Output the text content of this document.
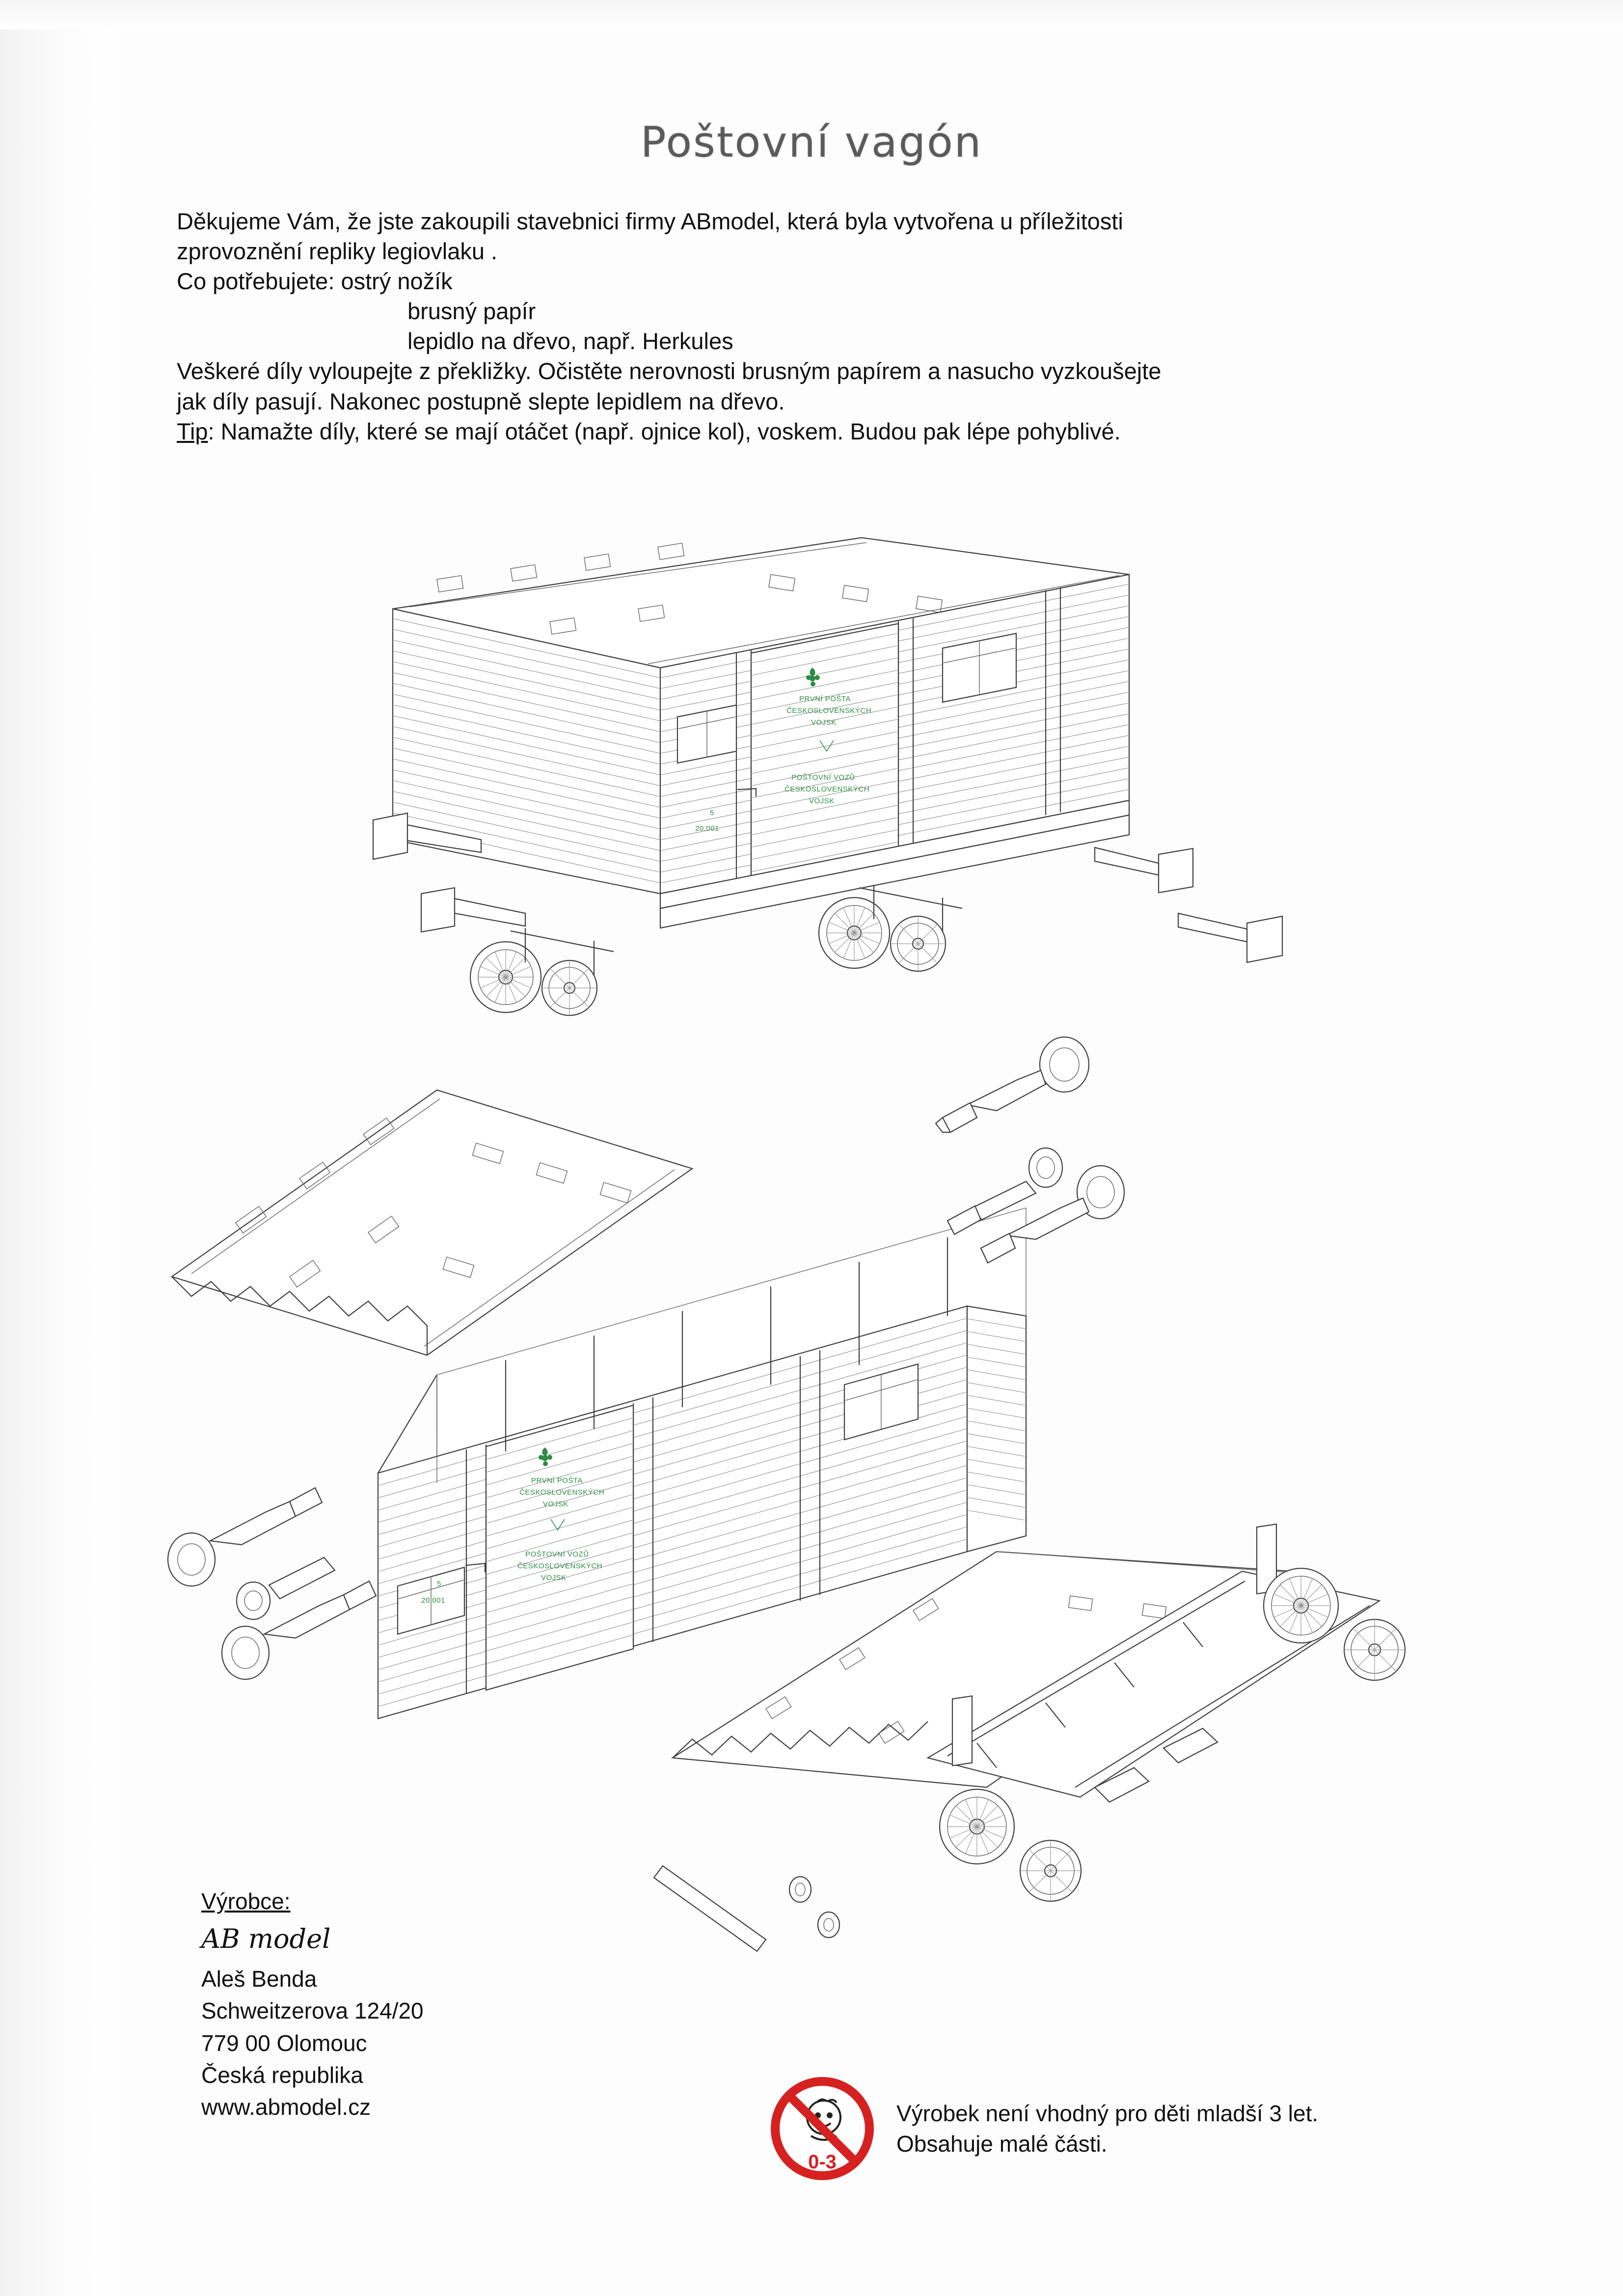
Poštovní vagón

Děkujeme Vám, že jste zakoupili stavebnici firmy ABmodel, která byla vytvořena u příležitosti

zprovoznění repliky legiovlaku .

Co potřebujete: ostrý nožík

brusný papír

lepidlo na dřevo, např. Herkules

Veškeré díly vyloupejte z překližky. Očistěte nerovnosti brusným papírem a nasucho vyzkoušejte

jak díly pasují. Nakonec postupně slepte lepidlem na dřevo.

Tip: Namažte díly, které se mají otáčet (např. ojnice kol), voskem. Budou pak lépe pohyblivé.

PRVNÍ POŠTA
ČESKOSLOVENSKÝCH
VOJSK
POŠTOVNÍ VOZŮ
ČESKOSLOVENSKÝCH
VOJSK
5
20.001
PRVNÍ POŠTA
ČESKOSLOVENSKÝCH
VOJSK
POŠTOVNÍ VOZŮ
ČESKOSLOVENSKÝCH
VOJSK
5
20.001
Výrobce:
AB model
Aleš Benda
Schweitzerova 124/20
779 00 Olomouc
Česká republika
www.abmodel.cz
0-3
Výrobek není vhodný pro děti mladší 3 let.
Obsahuje malé části.
